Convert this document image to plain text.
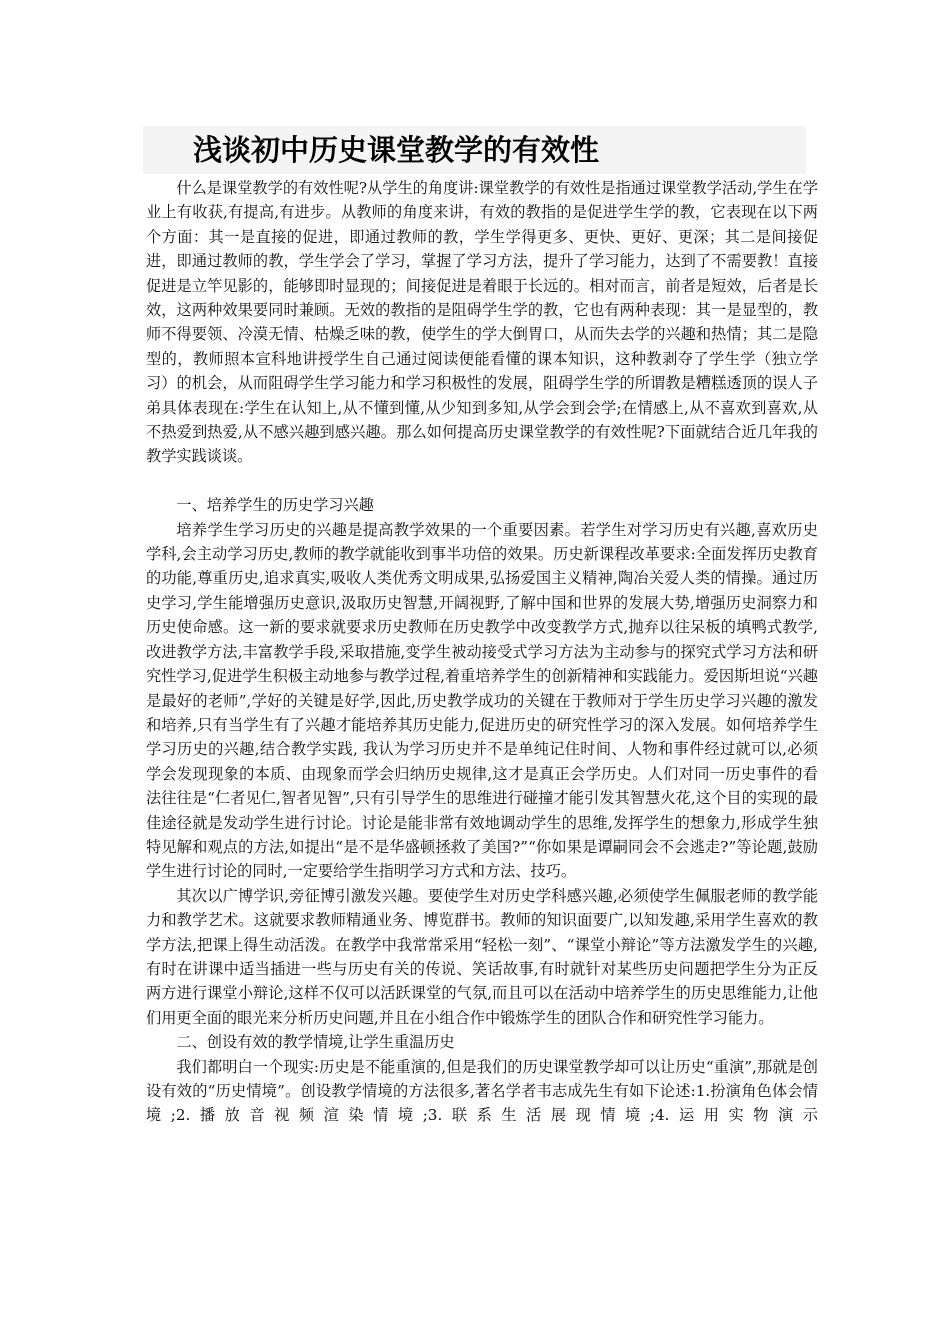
浅谈初中历史课堂教学的有效性

什么是课堂教学的有效性呢?从学生的角度讲:课堂教学的有效性是指通过课堂教学活动,学生在学业上有收获,有提高,有进步。从教师的角度来讲，有效的教指的是促进学生学的教，它表现在以下两个方面：其一是直接的促进，即通过教师的教，学生学得更多、更快、更好、更深；其二是间接促进，即通过教师的教，学生学会了学习，掌握了学习方法，提升了学习能力，达到了不需要教！直接促进是立竿见影的，能够即时显现的；间接促进是着眼于长远的。相对而言，前者是短效，后者是长效，这两种效果要同时兼顾。无效的教指的是阻碍学生学的教，它也有两种表现：其一是显型的，教师不得要领、冷漠无情、枯燥乏味的教，使学生的学大倒胃口，从而失去学的兴趣和热情；其二是隐型的，教师照本宣科地讲授学生自己通过阅读便能看懂的课本知识，这种教剥夺了学生学（独立学习）的机会，从而阻碍学生学习能力和学习积极性的发展，阻碍学生学的所谓教是糟糕透顶的误人子弟具体表现在:学生在认知上,从不懂到懂,从少知到多知,从学会到会学;在情感上,从不喜欢到喜欢,从不热爱到热爱,从不感兴趣到感兴趣。那么如何提高历史课堂教学的有效性呢?下面就结合近几年我的教学实践谈谈。

一、培养学生的历史学习兴趣

培养学生学习历史的兴趣是提高教学效果的一个重要因素。若学生对学习历史有兴趣,喜欢历史学科,会主动学习历史,教师的教学就能收到事半功倍的效果。历史新课程改革要求:全面发挥历史教育的功能,尊重历史,追求真实,吸收人类优秀文明成果,弘扬爱国主义精神,陶冶关爱人类的情操。通过历史学习,学生能增强历史意识,汲取历史智慧,开阔视野,了解中国和世界的发展大势,增强历史洞察力和历史使命感。这一新的要求就要求历史教师在历史教学中改变教学方式,抛弃以往呆板的填鸭式教学,改进教学方法,丰富教学手段,采取措施,变学生被动接受式学习方法为主动参与的探究式学习方法和研究性学习,促进学生积极主动地参与教学过程,着重培养学生的创新精神和实践能力。爱因斯坦说“兴趣是最好的老师”,学好的关键是好学,因此,历史教学成功的关键在于教师对于学生历史学习兴趣的激发和培养,只有当学生有了兴趣才能培养其历史能力,促进历史的研究性学习的深入发展。如何培养学生学习历史的兴趣,结合教学实践, 我认为学习历史并不是单纯记住时间、人物和事件经过就可以,必须学会发现现象的本质、由现象而学会归纳历史规律,这才是真正会学历史。人们对同一历史事件的看法往往是“仁者见仁,智者见智”,只有引导学生的思维进行碰撞才能引发其智慧火花,这个目的实现的最佳途径就是发动学生进行讨论。讨论是能非常有效地调动学生的思维,发挥学生的想象力,形成学生独特见解和观点的方法,如提出“是不是华盛顿拯救了美国?”“你如果是谭嗣同会不会逃走?”等论题,鼓励学生进行讨论的同时,一定要给学生指明学习方式和方法、技巧。

其次以广博学识,旁征博引激发兴趣。要使学生对历史学科感兴趣,必须使学生佩服老师的教学能力和教学艺术。这就要求教师精通业务、博览群书。教师的知识面要广,以知发趣,采用学生喜欢的教学方法,把课上得生动活泼。在教学中我常常采用“轻松一刻”、“课堂小辩论”等方法激发学生的兴趣,有时在讲课中适当插进一些与历史有关的传说、笑话故事,有时就针对某些历史问题把学生分为正反两方进行课堂小辩论,这样不仅可以活跃课堂的气氛,而且可以在活动中培养学生的历史思维能力,让他们用更全面的眼光来分析历史问题,并且在小组合作中锻炼学生的团队合作和研究性学习能力。

二、创设有效的教学情境,让学生重温历史

我们都明白一个现实:历史是不能重演的,但是我们的历史课堂教学却可以让历史“重演”,那就是创设有效的“历史情境”。创设教学情境的方法很多,著名学者韦志成先生有如下论述:1.扮演角色体会情境;2.播放音视频渲染情境;3.联系生活展现情境;4.运用实物演示
